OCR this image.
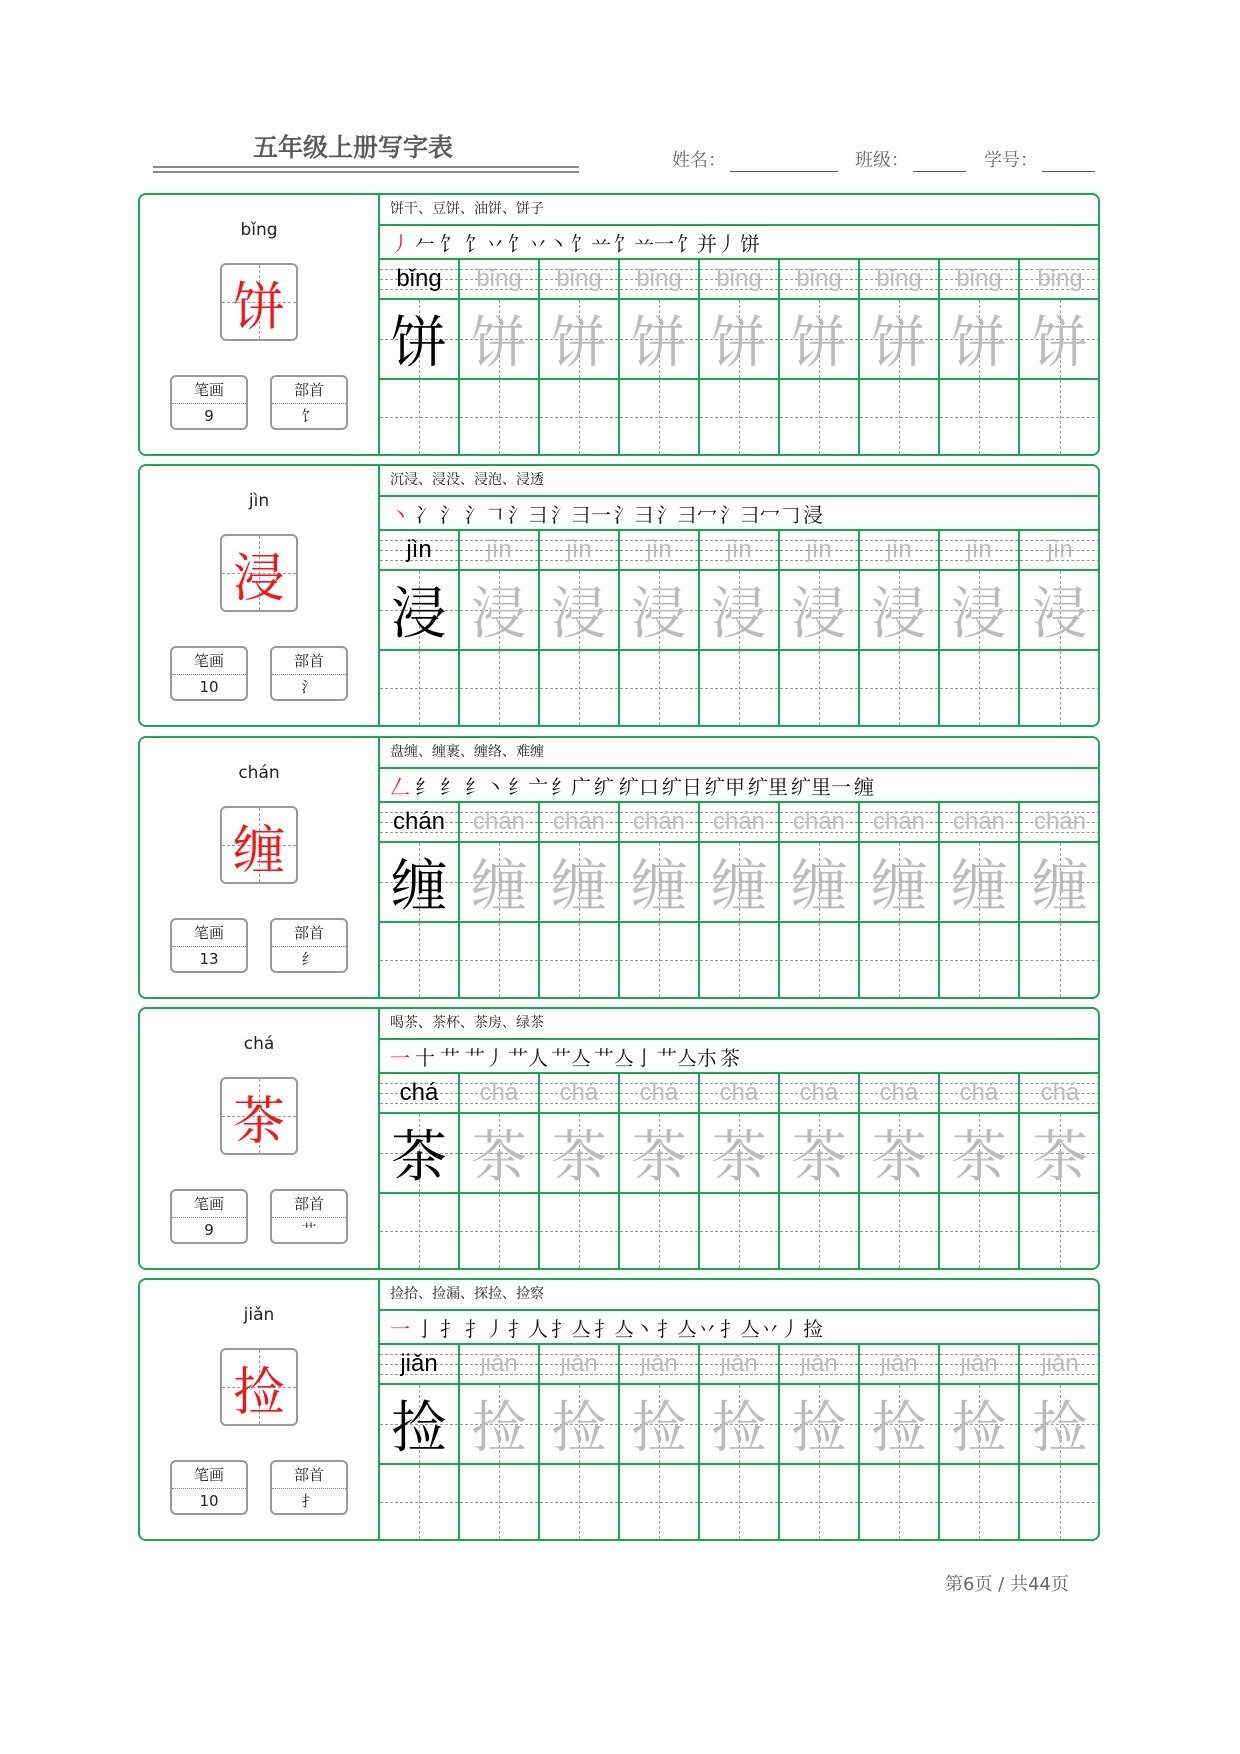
五年级上册写字表	姓名：	班级：	学号：
bǐng
饼
笔画
9
部首
饣
饼干、豆饼、油饼、饼子
丿 𠂉 饣 饣丷 饣丷丶 饣䒑 饣䒑一 饣并丿 饼
bǐng
饼
bǐng
饼
bǐng
饼
bǐng
饼
bǐng
饼
bǐng
饼
bǐng
饼
bǐng
饼
bǐng
饼
jìn
浸
笔画
10
部首
氵
沉浸、浸没、浸泡、浸透
丶 冫 氵 氵𠃍 氵彐 氵彐一 氵⺕ 氵⺕冖 氵⺕冖𠃌 浸
jìn
浸
jìn
浸
jìn
浸
jìn
浸
jìn
浸
jìn
浸
jìn
浸
jìn
浸
jìn
浸
chán
缠
笔画
13
部首
纟
盘缠、缠裹、缠络、难缠
𠃋 纟 纟 纟丶 纟亠 纟广 纩 纩口 纩日 纩甲 纩里 纩里一 缠
chán
缠
chán
缠
chán
缠
chán
缠
chán
缠
chán
缠
chán
缠
chán
缠
chán
缠
chá
茶
笔画
9
部首
艹
喝茶、茶杯、茶房、绿茶
一 十 艹 艹丿 艹人 艹亼 艹亼亅 艹亼朩 茶
chá
茶
chá
茶
chá
茶
chá
茶
chá
茶
chá
茶
chá
茶
chá
茶
chá
茶
jiǎn
捡
笔画
10
部首
扌
捡拾、捡漏、探捡、捡察
一 亅 扌 扌丿 扌人 扌亼 扌亼丶 扌亼丷 扌亼丷丿 捡
jiǎn
捡
jiǎn
捡
jiǎn
捡
jiǎn
捡
jiǎn
捡
jiǎn
捡
jiǎn
捡
jiǎn
捡
jiǎn
捡
第6页 / 共44页
